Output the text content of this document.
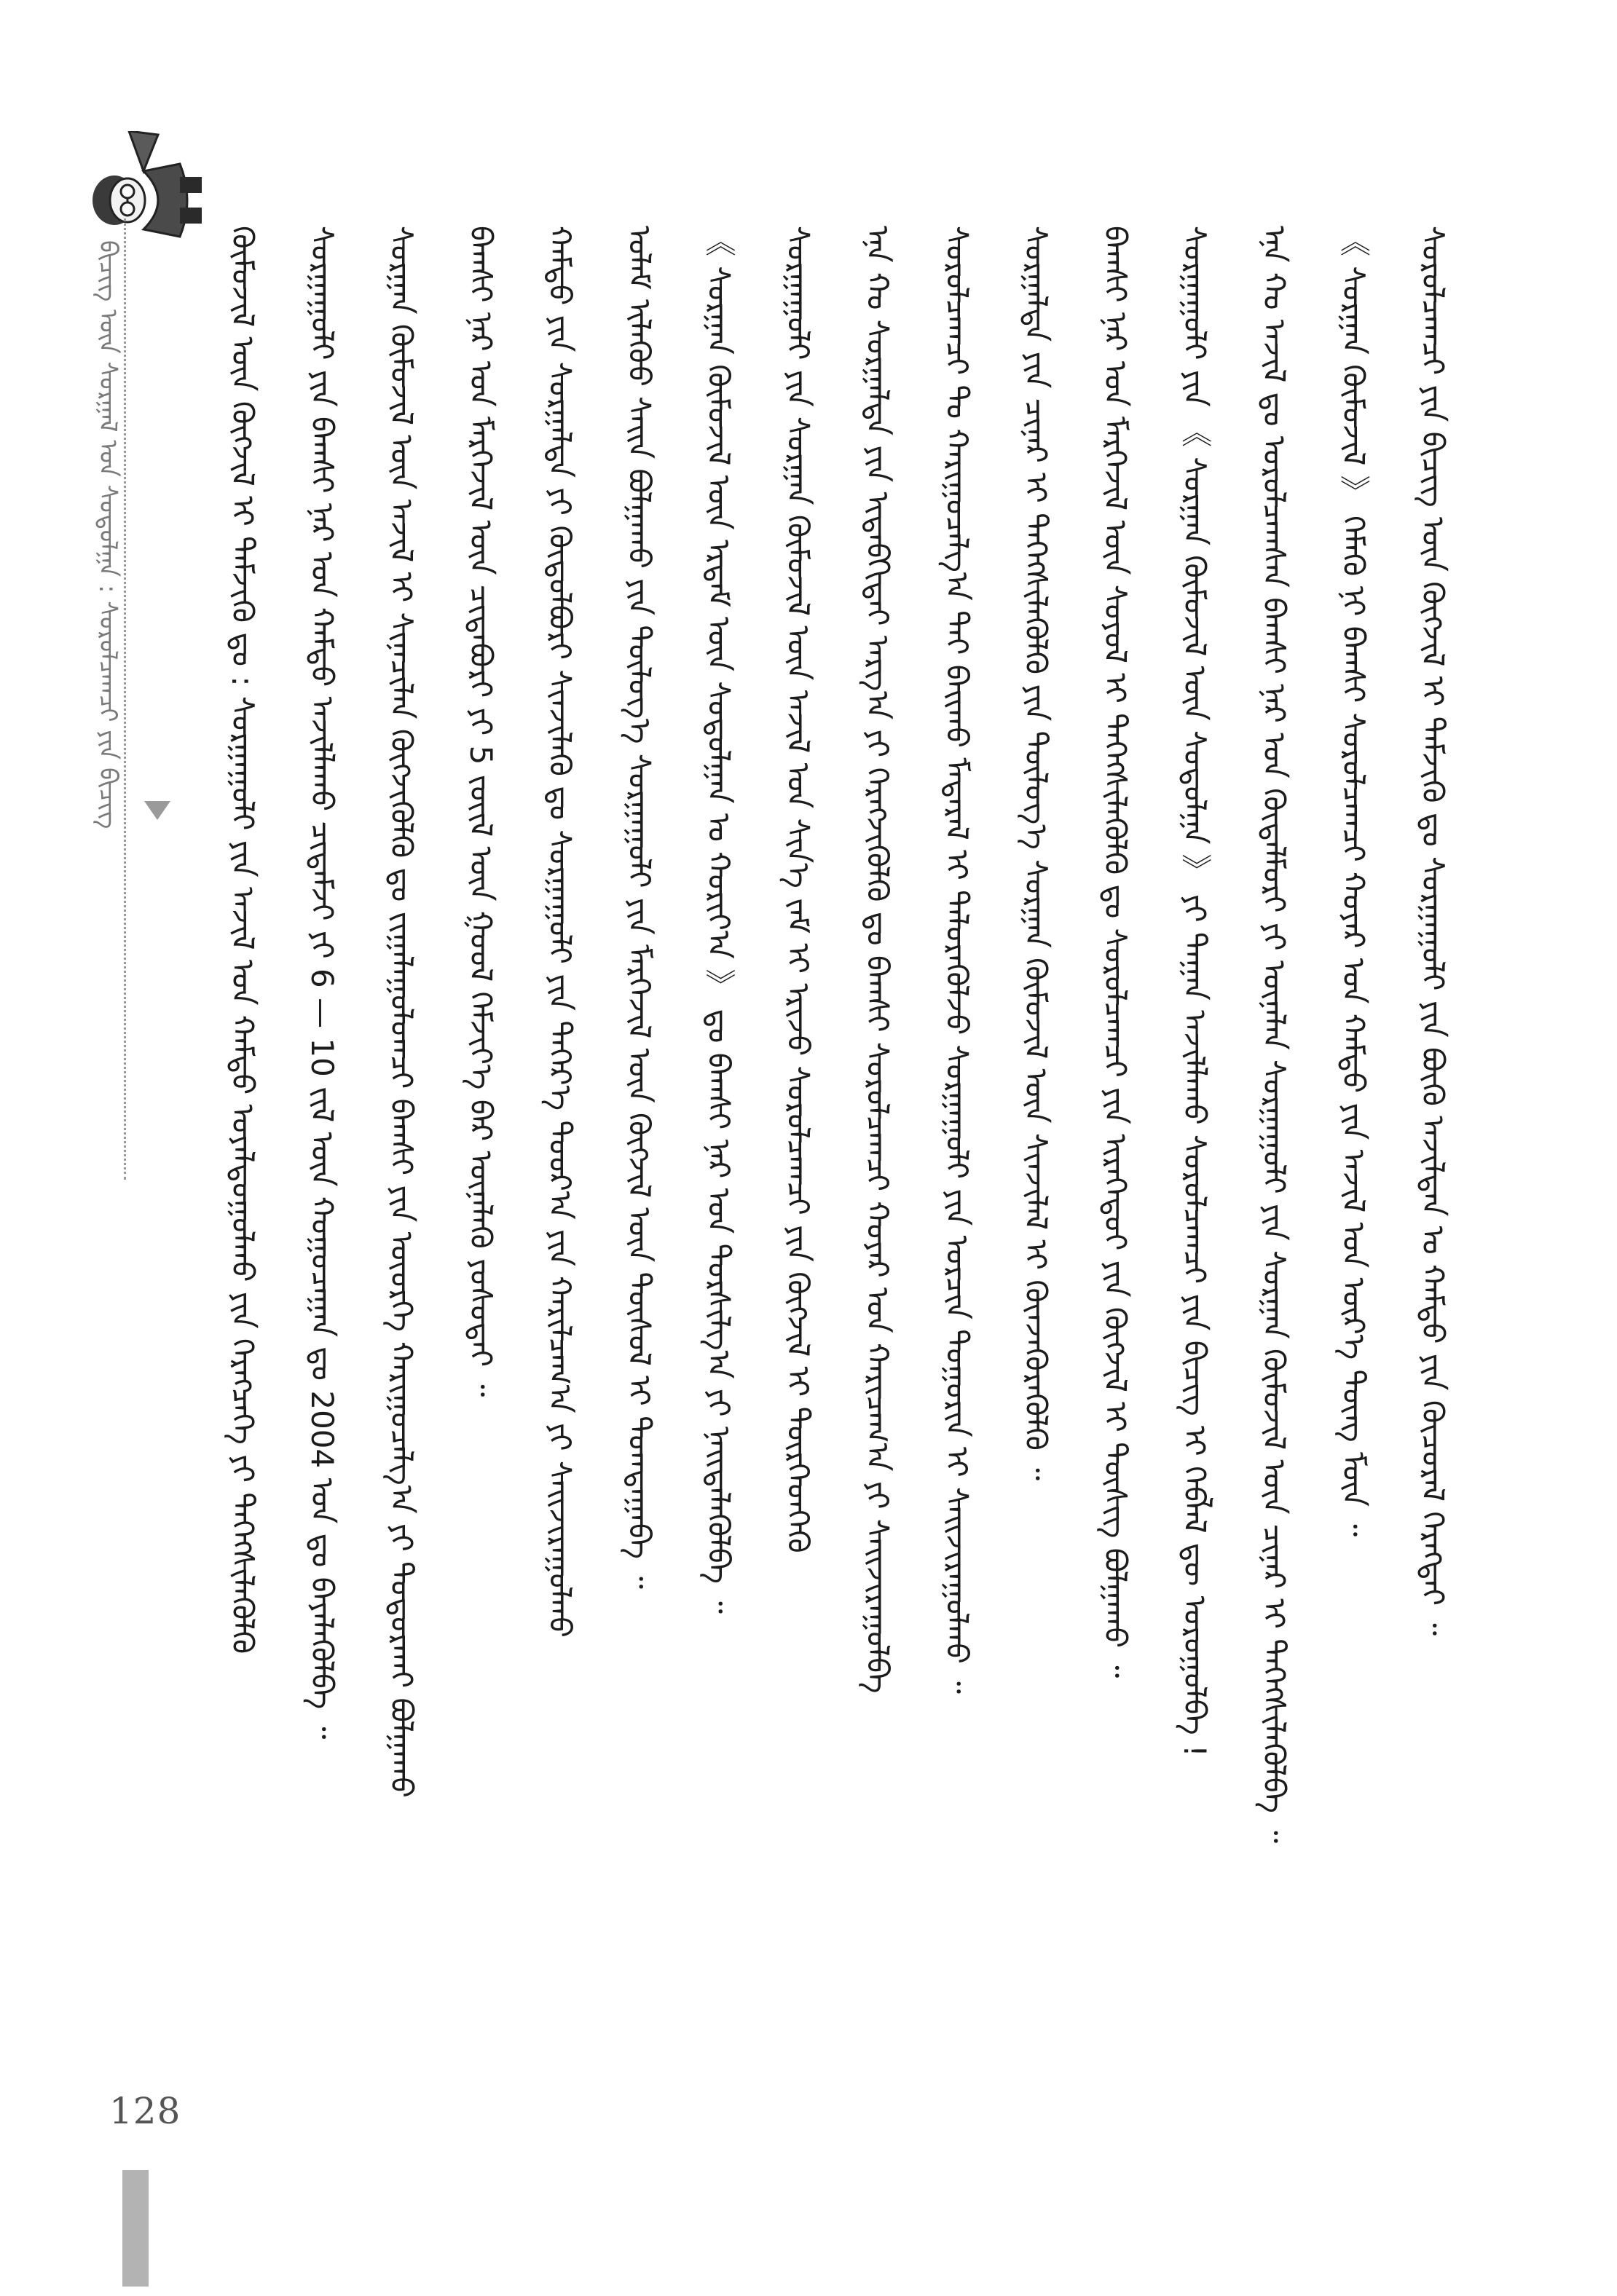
ᠪᠢᠴᠢᠭ᠌ ᠦᠨ ᠰᠤᠷᠭᠠᠯ ᠤᠨ ᠰᠤᠳᠤᠯᠭᠠ : ᠰᠤᠷᠤᠯᠴᠠᠭᠴᠢ ᠶᠢᠨ ᠪᠢᠴᠢᠭ	ᠬᠦᠮᠦᠵᠢᠯ ᠦᠨ ᠬᠥᠭᠵᠢᠯ ᠢ ᠳᠡᠮᠵᠢᠬᠦ ᠳᠤ : ᠰᠤᠷᠭᠠᠭᠤᠯᠢ ᠶᠢᠨ ᠠᠵᠢᠯ ᠤᠨ ᠬᠠᠮᠲᠤ ᠤᠶᠠᠯᠳᠤᠭᠤᠯᠬᠤ ᠶᠢᠨ ᠬᠡᠷᠡᠭᠴᠡᠭᠡ ᠶᠢ ᠳᠡᠭᠡᠭᠰᠢᠯᠡᠭᠦᠯᠬᠦ ᠰᠤᠷᠭᠠᠭᠤᠯᠢ ᠶᠢᠨ ᠪᠠᠭᠰᠢ ᠨᠠᠷ ᠤᠨ ᠬᠠᠮᠲᠤ ᠠᠵᠢᠯᠯᠠᠬᠤ ᠴᠢᠳᠠᠮᠵᠢ ᠶᠢ 6 — 10 ᠵᠢᠯ ᠦᠨ ᠬᠤᠭᠤᠴᠠᠭᠠᠨ ᠳᠤ 2004 ᠣᠨ ᠳᠤ ᠪᠡᠶᠡᠯᠡᠭᠦᠯᠪᠡ ᠃ ᠰᠤᠷᠭᠠᠨ ᠬᠦᠮᠦᠵᠢᠯ ᠦᠨ ᠠᠵᠢᠯ ᠢ ᠰᠢᠨᠡᠴᠢᠯᠡᠨ ᠬᠥᠭᠵᠢᠭᠦᠯᠬᠦ ᠳᠤ ᠵᠢᠭᠠᠯᠠᠭᠤᠯᠤᠭᠴᠢ ᠪᠠᠭᠰᠢ ᠶᠢᠨ ᠦᠦᠷᠭᠡ ᠬᠠᠷᠢᠭᠤᠴᠠᠯᠭ᠎ᠠ ᠶᠢ ᠲᠣᠳᠣᠷᠬᠠᠶ ᠪᠣᠯᠭᠠᠬᠤ ᠪᠠᠭᠰᠢ ᠨᠠᠷ ᠤᠨ ᠮᠡᠷᠭᠡᠵᠢᠯ ᠦᠨ ᠴᠢᠳᠠᠪᠤᠷᠢ ᠶᠢ 5 ᠵᠦᠢᠯ ᠦᠨ ᠭᠣᠣᠯ ᠬᠡᠮᠵᠢᠶ᠎ᠡ ᠪᠡᠷ ᠦᠨᠡᠯᠡᠬᠦ ᠶᠣᠰᠣᠲᠠᠢ ᠃ ᠬᠠᠮᠲᠤ ᠶᠢᠨ ᠰᠤᠷᠭᠠᠯᠲᠠ ᠶᠢ ᠬᠥᠲᠦᠯᠪᠦᠷᠢ ᠰᠢᠨᠵᠢᠯᠡᠬᠦ ᠳᠤ ᠰᠤᠷᠭᠠᠭᠤᠯᠢ ᠶᠢᠨ ᠳᠡᠭᠡᠷ᠎ᠡ ᠳᠣᠣᠷ᠎ᠠ ᠶᠢᠨ ᠬᠠᠷᠢᠯᠴᠠᠭ᠎ᠠ ᠶᠢ ᠰᠠᠢᠵᠢᠷᠠᠭᠤᠯᠬᠤ ᠤᠯᠠᠮ ᠢᠯᠡᠭᠦᠦ ᠰᠠᠢᠨ ᠪᠣᠯᠭᠠᠬᠤ ᠶᠢᠨ ᠲᠥᠯᠥᠭ᠎ᠡ ᠰᠤᠷᠭᠠᠭᠤᠯᠢ ᠶᠢᠨ ᠮᠡᠷᠭᠡᠵᠢᠯ ᠦᠨ ᠬᠥᠭᠵᠢᠯ ᠦᠨ ᠲᠥᠰᠥᠯ ᠢ ᠲᠣᠭᠲᠠᠭᠠᠪᠠ ᠃ 《 ᠰᠤᠷᠭᠠᠨ ᠬᠦᠮᠦᠵᠢᠯ ᠦᠨ ᠡᠷᠳᠡᠮ ᠦᠨ ᠰᠤᠳᠤᠯᠭᠠᠨ ᠤ ᠬᠣᠷᠢᠶ᠎ᠠ 》 ᠳᠤ ᠪᠠᠭᠰᠢ ᠨᠠᠷ ᠤᠨ ᠲᠤᠷᠰᠢᠯᠭ᠎ᠠ ᠶᠢ ᠨᠡᠢᠲᠡᠯᠡᠭᠦᠯᠪᠡ ᠃ ᠰᠤᠷᠭᠠᠭᠤᠯᠢ ᠶᠢᠨ ᠰᠤᠷᠭᠠᠨ ᠬᠦᠮᠦᠵᠢᠯ ᠦᠨ ᠠᠵᠢᠯ ᠤᠨ ᠰᠢᠨ᠎ᠡ ᠵᠠᠮ ᠢ ᠡᠷᠢᠵᠦ ᠰᠤᠷᠤᠯᠴᠠᠭᠴᠢ ᠶᠢᠨ ᠬᠥᠭᠵᠢᠯ ᠢ ᠲᠦᠷᠭᠡᠳᠭᠡᠬᠦ ᠡᠨᠡ ᠬᠤ ᠰᠤᠷᠭᠠᠯᠲᠠ ᠶᠢᠨ ᠢᠳᠡᠪᠬᠢᠲᠡᠢ ᠠᠷᠭ᠎ᠠ ᠶᠢ ᠬᠡᠷᠡᠭᠵᠢᠭᠦᠯᠬᠦ ᠳᠤ ᠪᠠᠭᠰᠢ ᠰᠤᠷᠤᠯᠴᠠᠭᠴᠢ ᠬᠣᠶᠠᠷ ᠤᠨ ᠬᠠᠷᠢᠴᠠᠭ᠎ᠠ ᠶᠢ ᠰᠠᠢᠵᠢᠷᠠᠭᠤᠯᠪᠠ ᠰᠤᠷᠤᠯᠴᠠᠭᠴᠢ ᠲᠤ ᠬᠠᠷᠢᠭᠤᠴᠠᠯᠭ᠎ᠠ ᠲᠠᠢ ᠪᠠᠢᠬᠤ ᠮᠡᠳᠡᠷᠡᠯ ᠢ ᠲᠡᠯᠦᠷᠡᠭᠦᠯᠵᠦ ᠰᠤᠷᠭᠠᠭᠤᠯᠢ ᠶᠢᠨ ᠣᠷᠴᠢᠨ ᠲᠣᠭᠣᠷᠢᠨ ᠢ ᠰᠠᠢᠵᠢᠷᠠᠭᠤᠯᠬᠤ ᠃ ᠰᠤᠷᠭᠠᠯᠲᠠ ᠶᠢᠨ ᠴᠢᠨᠠᠷ ᠢ ᠳᠡᠭᠡᠭᠰᠢᠯᠡᠭᠦᠯᠬᠦ ᠶᠢᠨ ᠲᠥᠯᠥᠭ᠎ᠡ ᠰᠤᠷᠭᠠᠨ ᠬᠦᠮᠦᠵᠢᠯ ᠦᠨ ᠰᠢᠨᠵᠢᠯᠡᠯ ᠢ ᠭᠦᠨᠵᠡᠭᠦᠷᠡᠭᠦᠯᠬᠦ ᠃ ᠪᠠᠭᠰᠢ ᠨᠠᠷ ᠤᠨ ᠮᠡᠷᠭᠡᠵᠢᠯ ᠦᠨ ᠰᠣᠶᠣᠯ ᠢ ᠳᠡᠭᠡᠭᠰᠢᠯᠡᠭᠦᠯᠬᠦ ᠳᠤ ᠰᠤᠷᠤᠯᠴᠠᠭᠴᠢ ᠶᠢᠨ ᠢᠷᠡᠭᠡᠳᠦᠢ ᠶᠢᠨ ᠬᠥᠭᠵᠢᠯ ᠢ ᠲᠦᠰᠢᠭ ᠪᠣᠯᠭᠠᠬᠤ ᠃ ᠰᠤᠷᠭᠠᠭᠤᠯᠢ ᠶᠢᠨ 《 ᠰᠤᠷᠭᠠᠨ ᠬᠦᠮᠦᠵᠢᠯ ᠦᠨ ᠰᠤᠳᠤᠯᠭᠠ 》 ᠶᠢ ᠳᠠᠭᠠᠨ ᠠᠵᠢᠯᠯᠠᠬᠤ ᠰᠤᠷᠤᠯᠴᠠᠭᠴᠢ ᠶᠢᠨ ᠪᠢᠴᠢᠭ ᠢ ᠬᠡᠪᠯᠡᠯ ᠳᠦ ᠣᠷᠣᠭᠤᠯᠪᠠ ! ᠡᠨᠡ ᠬᠤ ᠠᠵᠢᠯ ᠳᠤ ᠣᠷᠣᠯᠴᠠᠭᠰᠠᠨ ᠪᠠᠭᠰᠢ ᠨᠠᠷ ᠤᠨ ᠬᠥᠳᠡᠯᠮᠦᠷᠢ ᠶᠢ ᠦᠨᠡᠯᠡᠨ ᠰᠤᠷᠭᠠᠭᠤᠯᠢ ᠶᠢᠨ ᠰᠤᠷᠭᠠᠨ ᠬᠦᠮᠦᠵᠢᠯ ᠦᠨ ᠴᠢᠨᠠᠷ ᠢ ᠳᠡᠭᠡᠭᠰᠢᠯᠡᠭᠦᠯᠪᠡ ᠃ 《 ᠰᠤᠷᠭᠠᠨ ᠬᠦᠮᠦᠵᠢᠯ 》 ᠬᠡᠮᠡᠬᠦ ᠨᠢ ᠪᠠᠭᠰᠢ ᠰᠤᠷᠤᠯᠴᠠᠭᠴᠢ ᠬᠣᠶᠠᠷ ᠤᠨ ᠬᠠᠮᠲᠤ ᠶᠢᠨ ᠠᠵᠢᠯ ᠤᠨ ᠦᠷ᠎ᠡ ᠳᠦᠩ ᠮᠥᠨ ᠃ ᠰᠤᠷᠤᠯᠴᠠᠭᠴᠢ ᠶᠢᠨ ᠪᠢᠴᠢᠭ ᠦᠨ ᠬᠥᠭᠵᠢᠯ ᠢ ᠳᠡᠮᠵᠢᠬᠦ ᠳᠤ ᠰᠤᠷᠭᠠᠭᠤᠯᠢ ᠶᠢᠨ ᠪᠦᠬᠦ ᠠᠵᠢᠯᠲᠠᠨ ᠤ ᠬᠠᠮᠲᠤ ᠶᠢᠨ ᠬᠦᠴᠦᠷᠡᠯ ᠬᠡᠷᠡᠭᠲᠡᠢ ᠃
128
